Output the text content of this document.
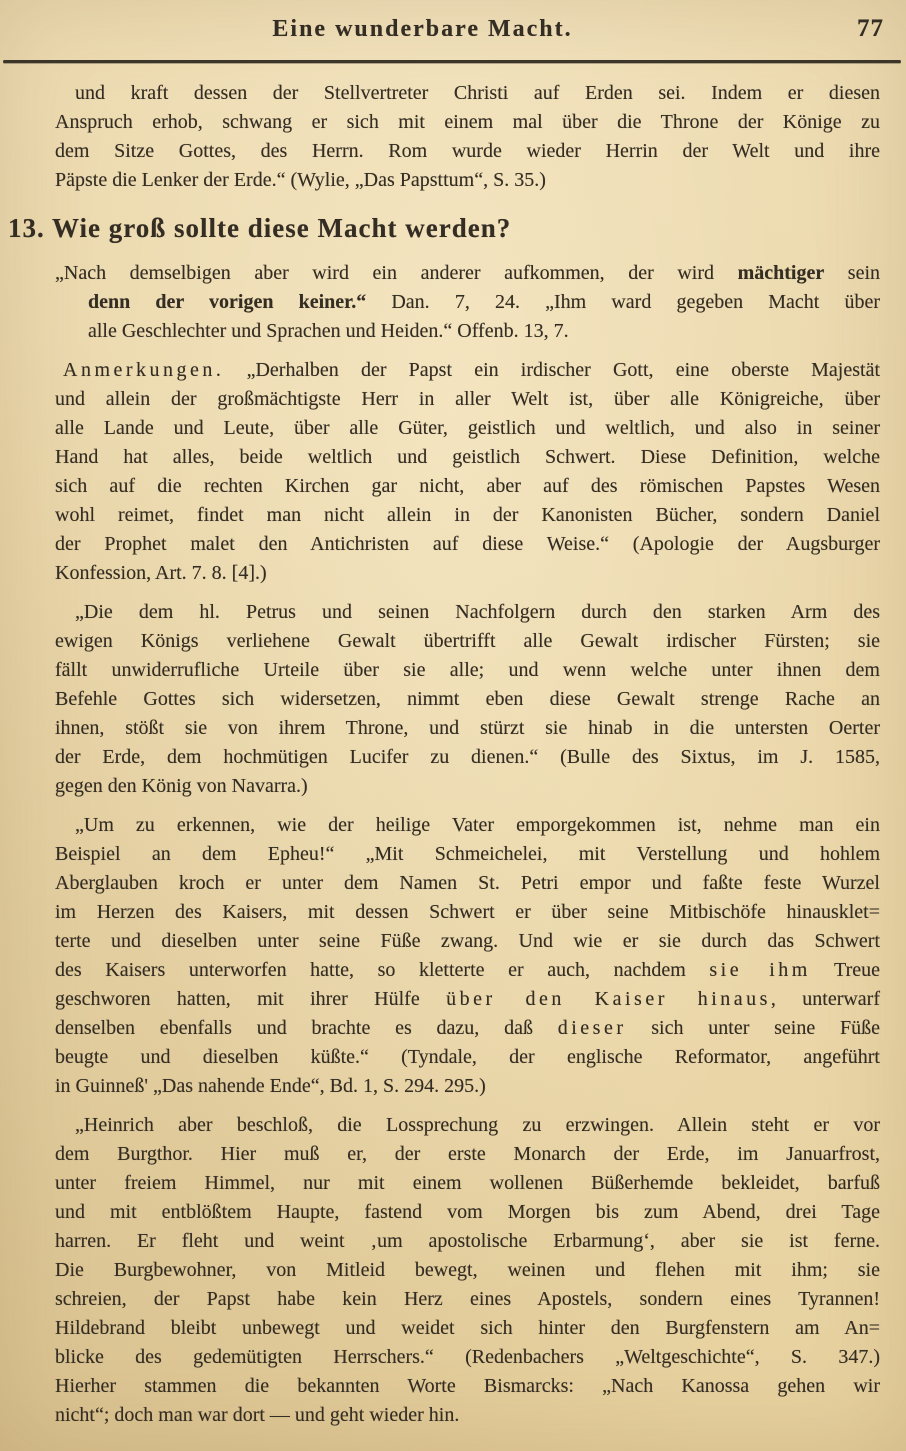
Eine wunderbare Macht.	77
und kraft dessen der Stellvertreter Christi auf Erden sei. Indem er diesen
Anspruch erhob, schwang er sich mit einem mal über die Throne der Könige zu
dem Sitze Gottes, des Herrn. Rom wurde wieder Herrin der Welt und ihre
Päpste die Lenker der Erde.“ (Wylie, „Das Papsttum“, S. 35.)
13. Wie groß sollte diese Macht werden?
„Nach demselbigen aber wird ein anderer aufkommen, der wird mächtiger sein
denn der vorigen keiner.“ Dan. 7, 24. „Ihm ward gegeben Macht über
alle Geschlechter und Sprachen und Heiden.“ Offenb. 13, 7.
Anmerkungen. „Derhalben der Papst ein irdischer Gott, eine oberste Majestät
und allein der großmächtigste Herr in aller Welt ist, über alle Königreiche, über
alle Lande und Leute, über alle Güter, geistlich und weltlich, und also in seiner
Hand hat alles, beide weltlich und geistlich Schwert. Diese Definition, welche
sich auf die rechten Kirchen gar nicht, aber auf des römischen Papstes Wesen
wohl reimet, findet man nicht allein in der Kanonisten Bücher, sondern Daniel
der Prophet malet den Antichristen auf diese Weise.“ (Apologie der Augsburger
Konfession, Art. 7. 8. [4].)
„Die dem hl. Petrus und seinen Nachfolgern durch den starken Arm des
ewigen Königs verliehene Gewalt übertrifft alle Gewalt irdischer Fürsten; sie
fällt unwiderrufliche Urteile über sie alle; und wenn welche unter ihnen dem
Befehle Gottes sich widersetzen, nimmt eben diese Gewalt strenge Rache an
ihnen, stößt sie von ihrem Throne, und stürzt sie hinab in die untersten Oerter
der Erde, dem hochmütigen Lucifer zu dienen.“ (Bulle des Sixtus, im J. 1585,
gegen den König von Navarra.)
„Um zu erkennen, wie der heilige Vater emporgekommen ist, nehme man ein
Beispiel an dem Epheu!“ „Mit Schmeichelei, mit Verstellung und hohlem
Aberglauben kroch er unter dem Namen St. Petri empor und faßte feste Wurzel
im Herzen des Kaisers, mit dessen Schwert er über seine Mitbischöfe hinausklet=
terte und dieselben unter seine Füße zwang. Und wie er sie durch das Schwert
des Kaisers unterworfen hatte, so kletterte er auch, nachdem sie ihm Treue
geschworen hatten, mit ihrer Hülfe über den Kaiser hinaus, unterwarf
denselben ebenfalls und brachte es dazu, daß dieser sich unter seine Füße
beugte und dieselben küßte.“ (Tyndale, der englische Reformator, angeführt
in Guinneß' „Das nahende Ende“, Bd. 1, S. 294. 295.)
„Heinrich aber beschloß, die Lossprechung zu erzwingen. Allein steht er vor
dem Burgthor. Hier muß er, der erste Monarch der Erde, im Januarfrost,
unter freiem Himmel, nur mit einem wollenen Büßerhemde bekleidet, barfuß
und mit entblößtem Haupte, fastend vom Morgen bis zum Abend, drei Tage
harren. Er fleht und weint ‚um apostolische Erbarmung‘, aber sie ist ferne.
Die Burgbewohner, von Mitleid bewegt, weinen und flehen mit ihm; sie
schreien, der Papst habe kein Herz eines Apostels, sondern eines Tyrannen!
Hildebrand bleibt unbewegt und weidet sich hinter den Burgfenstern am An=
blicke des gedemütigten Herrschers.“ (Redenbachers „Weltgeschichte“, S. 347.)
Hierher stammen die bekannten Worte Bismarcks: „Nach Kanossa gehen wir
nicht“; doch man war dort — und geht wieder hin.
